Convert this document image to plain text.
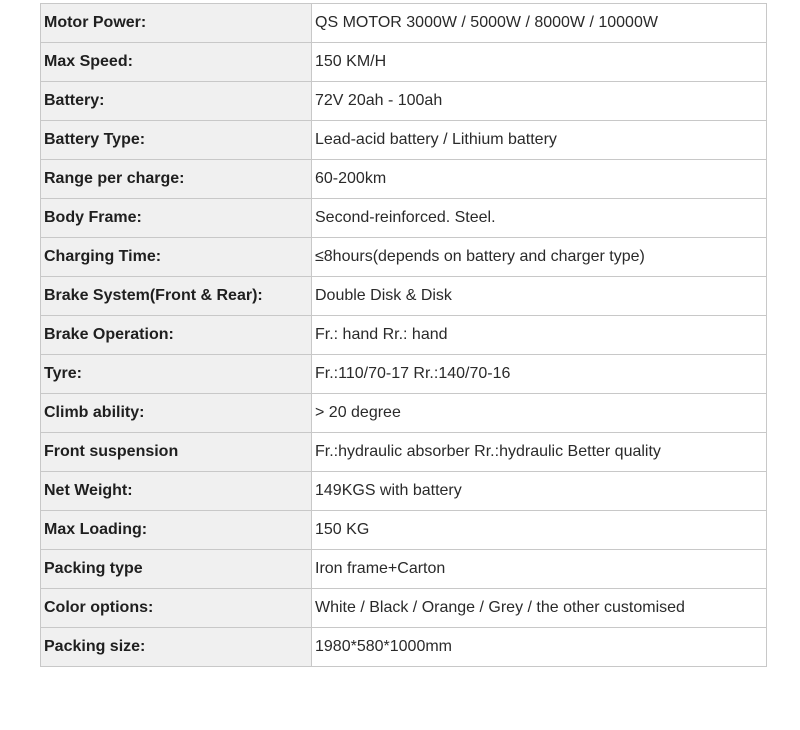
Motor Power:	QS MOTOR 3000W / 5000W / 8000W / 10000W
Max Speed:	150 KM/H
Battery:	72V 20ah - 100ah
Battery Type:	Lead-acid battery / Lithium battery
Range per charge:	60-200km
Body Frame:	Second-reinforced. Steel.
Charging Time:	≤8hours(depends on battery and charger type)
Brake System(Front & Rear):	Double Disk & Disk
Brake Operation:	Fr.: hand Rr.: hand
Tyre:	Fr.:110/70-17 Rr.:140/70-16
Climb ability:	> 20 degree
Front suspension	Fr.:hydraulic absorber Rr.:hydraulic Better quality
Net Weight:	149KGS with battery
Max Loading:	150 KG
Packing type	Iron frame+Carton
Color options:	White / Black / Orange / Grey / the other customised
Packing size:	1980*580*1000mm
